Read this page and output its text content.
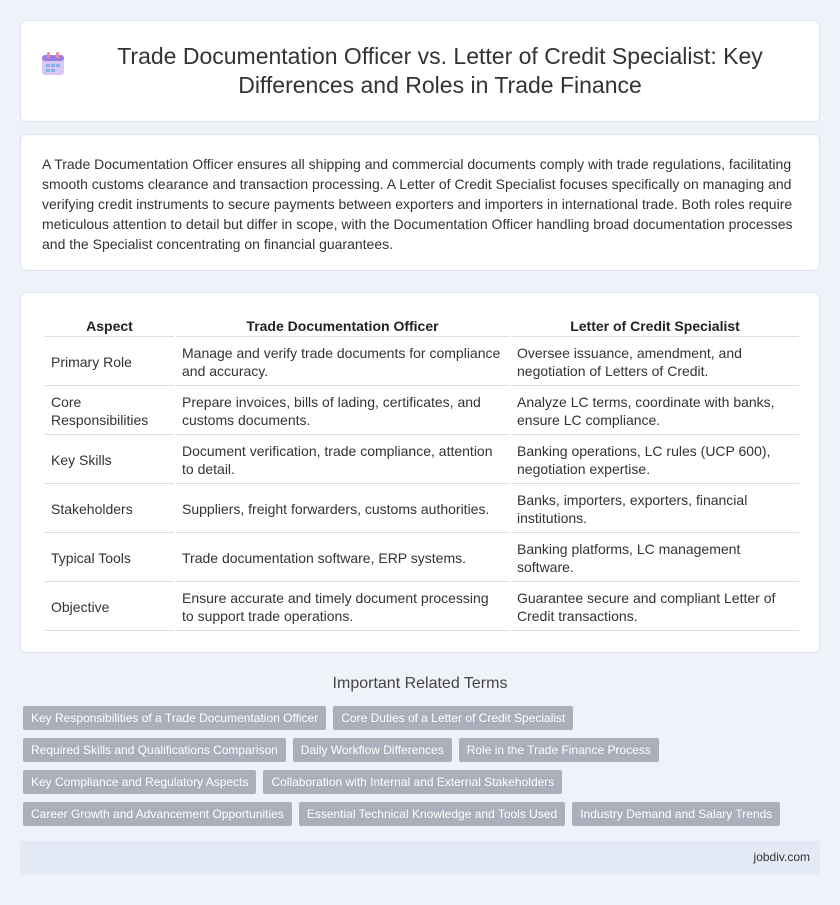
Trade Documentation Officer vs. Letter of Credit Specialist: Key Differences and Roles in Trade Finance

A Trade Documentation Officer ensures all shipping and commercial documents comply with trade regulations, facilitating smooth customs clearance and transaction processing. A Letter of Credit Specialist focuses specifically on managing and verifying credit instruments to secure payments between exporters and importers in international trade. Both roles require meticulous attention to detail but differ in scope, with the Documentation Officer handling broad documentation processes and the Specialist concentrating on financial guarantees.

Aspect	Trade Documentation Officer	Letter of Credit Specialist
Primary Role	Manage and verify trade documents for compliance and accuracy.	Oversee issuance, amendment, and negotiation of Letters of Credit.
Core Responsibilities	Prepare invoices, bills of lading, certificates, and customs documents.	Analyze LC terms, coordinate with banks, ensure LC compliance.
Key Skills	Document verification, trade compliance, attention to detail.	Banking operations, LC rules (UCP 600), negotiation expertise.
Stakeholders	Suppliers, freight forwarders, customs authorities.	Banks, importers, exporters, financial institutions.
Typical Tools	Trade documentation software, ERP systems.	Banking platforms, LC management software.
Objective	Ensure accurate and timely document processing to support trade operations.	Guarantee secure and compliant Letter of Credit transactions.
Important Related Terms
Key Responsibilities of a Trade Documentation Officer	Core Duties of a Letter of Credit Specialist
Required Skills and Qualifications Comparison	Daily Workflow Differences	Role in the Trade Finance Process
Key Compliance and Regulatory Aspects	Collaboration with Internal and External Stakeholders
Career Growth and Advancement Opportunities	Essential Technical Knowledge and Tools Used	Industry Demand and Salary Trends
jobdiv.com
